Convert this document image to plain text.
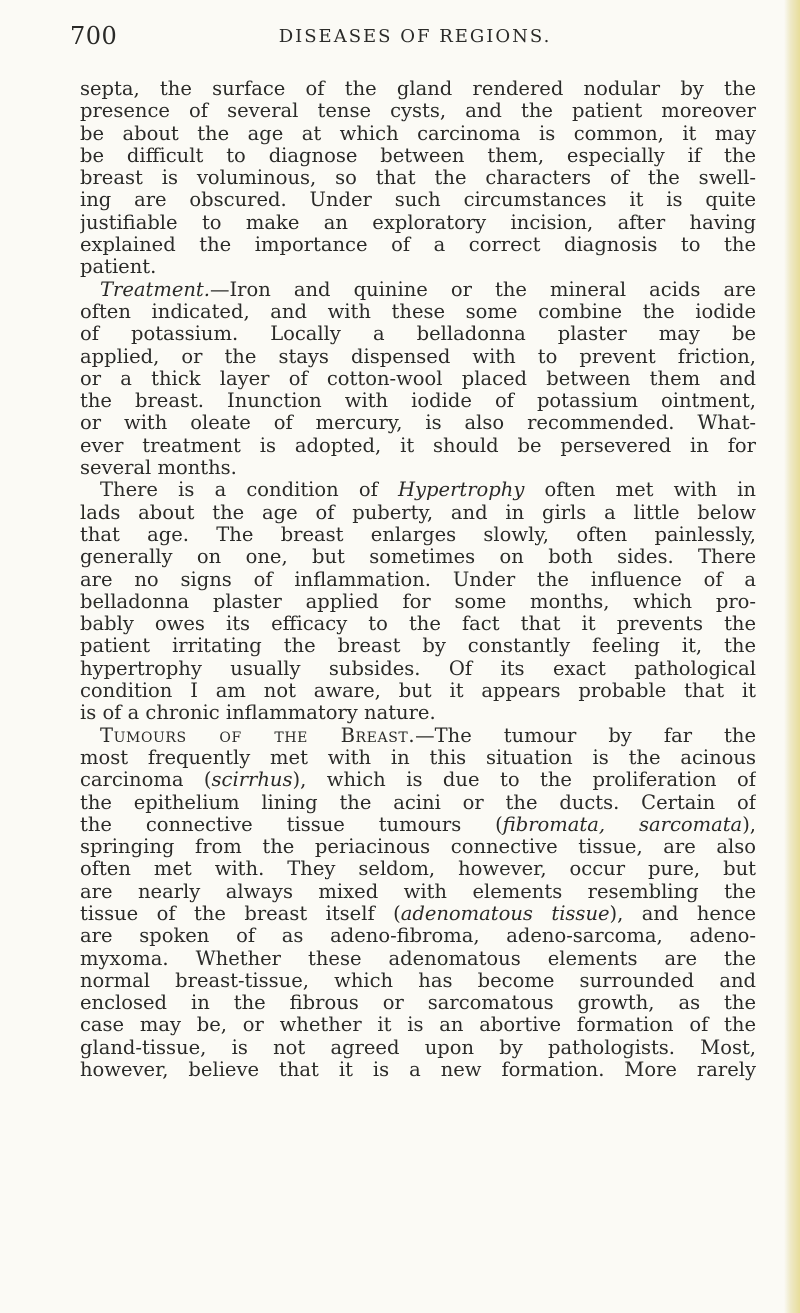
700	DISEASES OF REGIONS.
septa, the surface of the gland rendered nodular by the
presence of several tense cysts, and the patient moreover
be about the age at which carcinoma is common, it may
be difficult to diagnose between them, especially if the
breast is voluminous, so that the characters of the swell-
ing are obscured. Under such circumstances it is quite
justifiable to make an exploratory incision, after having
explained the importance of a correct diagnosis to the
patient.
Treatment.—Iron and quinine or the mineral acids are
often indicated, and with these some combine the iodide
of potassium. Locally a belladonna plaster may be
applied, or the stays dispensed with to prevent friction,
or a thick layer of cotton-wool placed between them and
the breast. Inunction with iodide of potassium ointment,
or with oleate of mercury, is also recommended. What-
ever treatment is adopted, it should be persevered in for
several months.
There is a condition of Hypertrophy often met with in
lads about the age of puberty, and in girls a little below
that age. The breast enlarges slowly, often painlessly,
generally on one, but sometimes on both sides. There
are no signs of inflammation. Under the influence of a
belladonna plaster applied for some months, which pro-
bably owes its efficacy to the fact that it prevents the
patient irritating the breast by constantly feeling it, the
hypertrophy usually subsides. Of its exact pathological
condition I am not aware, but it appears probable that it
is of a chronic inflammatory nature.
Tumours of the Breast.—The tumour by far the
most frequently met with in this situation is the acinous
carcinoma (scirrhus), which is due to the proliferation of
the epithelium lining the acini or the ducts. Certain of
the connective tissue tumours (fibromata, sarcomata),
springing from the periacinous connective tissue, are also
often met with. They seldom, however, occur pure, but
are nearly always mixed with elements resembling the
tissue of the breast itself (adenomatous tissue), and hence
are spoken of as adeno-fibroma, adeno-sarcoma, adeno-
myxoma. Whether these adenomatous elements are the
normal breast-tissue, which has become surrounded and
enclosed in the fibrous or sarcomatous growth, as the
case may be, or whether it is an abortive formation of the
gland-tissue, is not agreed upon by pathologists. Most,
however, believe that it is a new formation. More rarely
